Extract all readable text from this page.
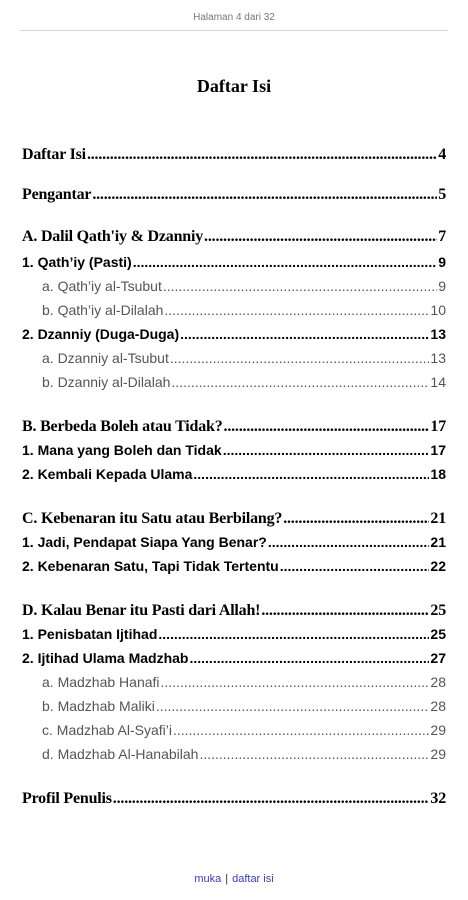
Halaman 4 dari 32
Daftar Isi
Daftar Isi .....	4
Pengantar .....	5
A. Dalil Qath'iy & Dzanniy .....	7
1. Qath’iy (Pasti) .....	9
a. Qath’iy al-Tsubut .....	9
b. Qath’iy al-Dilalah .....	10
2. Dzanniy (Duga-Duga) .....	13
a. Dzanniy al-Tsubut .....	13
b. Dzanniy al-Dilalah .....	14
B. Berbeda Boleh atau Tidak? .....	17
1. Mana yang Boleh dan Tidak .....	17
2. Kembali Kepada Ulama .....	18
C. Kebenaran itu Satu atau Berbilang? .....	21
1. Jadi, Pendapat Siapa Yang Benar? .....	21
2. Kebenaran Satu, Tapi Tidak Tertentu .....	22
D. Kalau Benar itu Pasti dari Allah! .....	25
1. Penisbatan Ijtihad .....	25
2. Ijtihad Ulama Madzhab .....	27
a. Madzhab Hanafi .....	28
b. Madzhab Maliki .....	28
c. Madzhab Al-Syafi’i .....	29
d. Madzhab Al-Hanabilah .....	29
Profil Penulis .....	32
muka | daftar isi
